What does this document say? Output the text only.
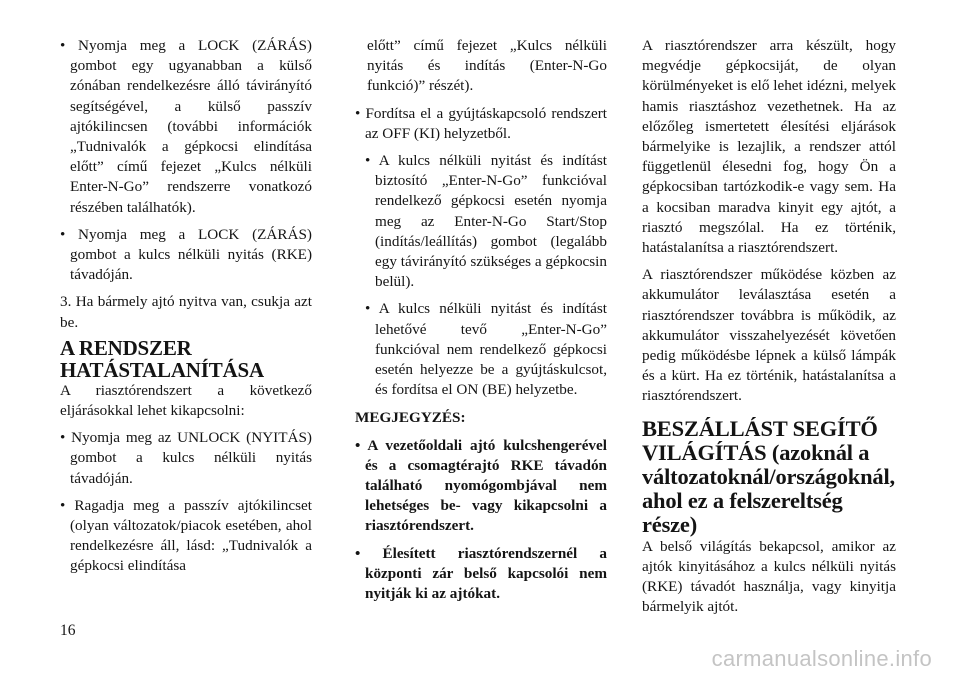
• Nyomja meg a LOCK (ZÁRÁS) gombot egy ugyanabban a külső zónában rendelkezésre álló távirányító segítségével, a külső passzív ajtókilincsen (további információk „Tudnivalók a gépkocsi elindítása előtt” című fejezet „Kulcs nélküli Enter-N-Go” rendszerre vonatkozó részében találhatók).

• Nyomja meg a LOCK (ZÁRÁS) gombot a kulcs nélküli nyitás (RKE) távadóján.

3. Ha bármely ajtó nyitva van, csukja azt be.

A RENDSZER HATÁSTALANÍTÁSA

A riasztórendszert a következő eljárásokkal lehet kikapcsolni:

• Nyomja meg az UNLOCK (NYITÁS) gombot a kulcs nélküli nyitás távadóján.

• Ragadja meg a passzív ajtókilincset (olyan változatok/piacok esetében, ahol rendelkezésre áll, lásd: „Tudnivalók a gépkocsi elindítása

előtt” című fejezet „Kulcs nélküli nyitás és indítás (Enter-N-Go funkció)” részét).

• Fordítsa el a gyújtáskapcsoló rendszert az OFF (KI) helyzetből.

• A kulcs nélküli nyitást és indítást biztosító „Enter-N-Go” funkcióval rendelkező gépkocsi esetén nyomja meg az Enter-N-Go Start/Stop (indítás/leállítás) gombot (legalább egy távirányító szükséges a gépkocsin belül).

• A kulcs nélküli nyitást és indítást lehetővé tevő „Enter-N-Go” funkcióval nem rendelkező gépkocsi esetén helyezze be a gyújtáskulcsot, és fordítsa el ON (BE) helyzetbe.

MEGJEGYZÉS:

• A vezetőoldali ajtó kulcshengerével és a csomagtérajtó RKE távadón található nyomógombjával nem lehetséges be- vagy kikapcsolni a riasztórendszert.

• Élesített riasztórendszernél a központi zár belső kapcsolói nem nyitják ki az ajtókat.

A riasztórendszer arra készült, hogy megvédje gépkocsiját, de olyan körülményeket is elő lehet idézni, melyek hamis riasztáshoz vezethetnek. Ha az előzőleg ismertetett élesítési eljárások bármelyike is lezajlik, a rendszer attól függetlenül élesedni fog, hogy Ön a gépkocsiban tartózkodik-e vagy sem. Ha a kocsiban maradva kinyit egy ajtót, a riasztó megszólal. Ha ez történik, hatástalanítsa a riasztórendszert.

A riasztórendszer működése közben az akkumulátor leválasztása esetén a riasztórendszer továbbra is működik, az akkumulátor visszahelyezését követően pedig működésbe lépnek a külső lámpák és a kürt. Ha ez történik, hatástalanítsa a riasztórendszert.

BESZÁLLÁST SEGÍTŐ VILÁGÍTÁS (azoknál a változatoknál/országoknál, ahol ez a felszereltség része)

A belső világítás bekapcsol, amikor az ajtók kinyitásához a kulcs nélküli nyitás (RKE) távadót használja, vagy kinyitja bármelyik ajtót.

16
carmanualsonline.info
